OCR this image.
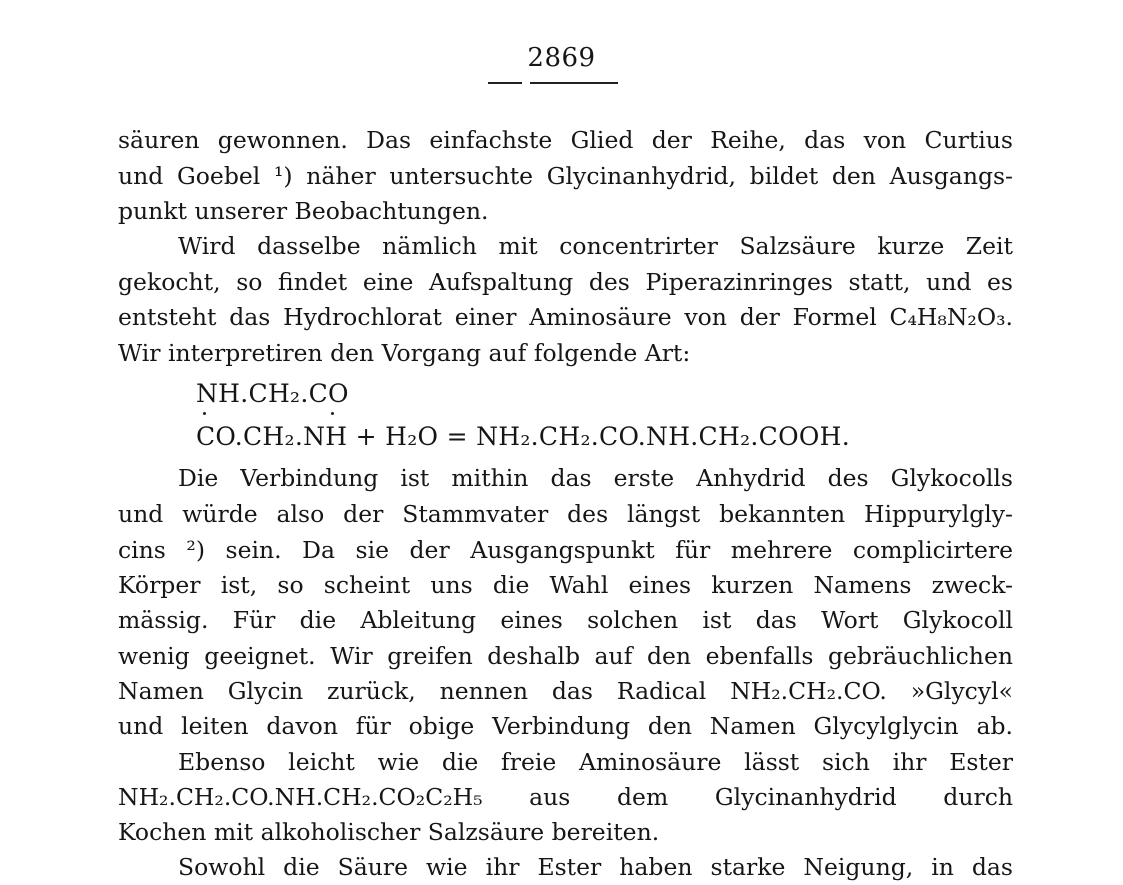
2869
säuren gewonnen. Das einfachste Glied der Reihe, das von Curtius
und Goebel ¹) näher untersuchte Glycinanhydrid, bildet den Ausgangs-
punkt unserer Beobachtungen.
Wird dasselbe nämlich mit concentrirter Salzsäure kurze Zeit
gekocht, so findet eine Aufspaltung des Piperazinringes statt, und es
entsteht das Hydrochlorat einer Aminosäure von der Formel C₄H₈N₂O₃.
Wir interpretiren den Vorgang auf folgende Art:
NH.CH₂.CO
CO.CH₂.NH + H₂O = NH₂.CH₂.CO.NH.CH₂.COOH.
Die Verbindung ist mithin das erste Anhydrid des Glykocolls
und würde also der Stammvater des längst bekannten Hippurylgly-
cins ²) sein. Da sie der Ausgangspunkt für mehrere complicirtere
Körper ist, so scheint uns die Wahl eines kurzen Namens zweck-
mässig. Für die Ableitung eines solchen ist das Wort Glykocoll
wenig geeignet. Wir greifen deshalb auf den ebenfalls gebräuchlichen
Namen Glycin zurück, nennen das Radical NH₂.CH₂.CO. »Glycyl«
und leiten davon für obige Verbindung den Namen Glycylglycin ab.
Ebenso leicht wie die freie Aminosäure lässt sich ihr Ester
NH₂.CH₂.CO.NH.CH₂.CO₂C₂H₅ aus dem Glycinanhydrid durch
Kochen mit alkoholischer Salzsäure bereiten.
Sowohl die Säure wie ihr Ester haben starke Neigung, in das
